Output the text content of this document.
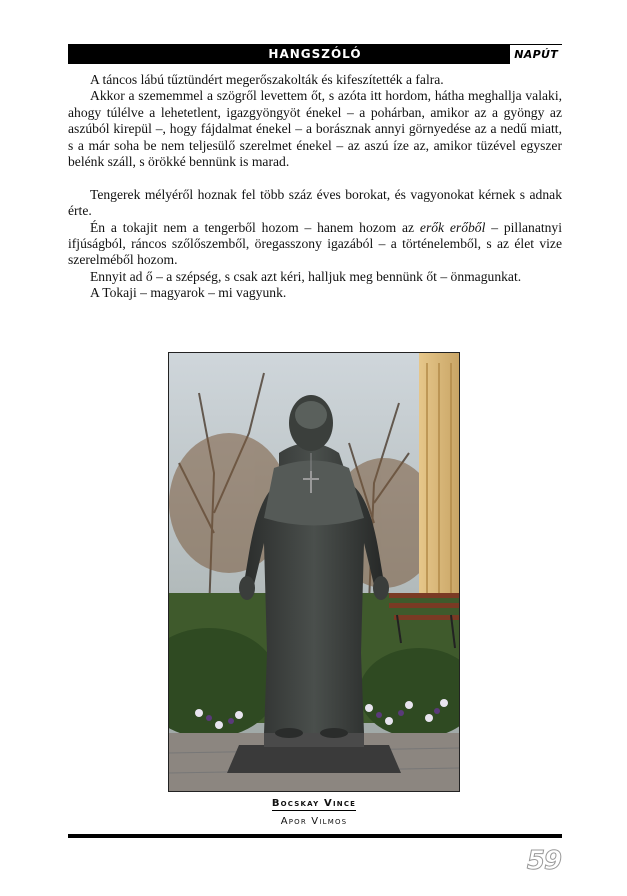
HANGSZÓLÓ	NAPÚT

A táncos lábú tűztündért megerőszakolták és kifeszítették a falra.

Akkor a szememmel a szögről levettem őt, s azóta itt hordom, hátha meghallja valaki, ahogy túlélve a lehetetlent, igazgyöngyöt énekel – a pohárban, amikor az a gyöngy az aszúból kirepül –, hogy fájdalmat énekel – a borásznak annyi görnyedése az a nedű miatt, s a már soha be nem teljesülő szerelmet énekel – az aszú íze az, amikor tüzével egyszer belénk száll, s örökké bennünk is marad.

Tengerek mélyéről hoznak fel több száz éves borokat, és vagyonokat kérnek s adnak érte.

Én a tokajit nem a tengerből hozom – hanem hozom az erők erőből – pillanatnyi ifjúságból, ráncos szőlőszemből, öregasszony igazából – a történelemből, s az élet vize szerelméből hozom.

Ennyit ad ő – a szépség, s csak azt kéri, halljuk meg bennünk őt – önmagunkat.

A Tokaji – magyarok – mi vagyunk.

Bocskay Vince
Apor Vilmos
59
